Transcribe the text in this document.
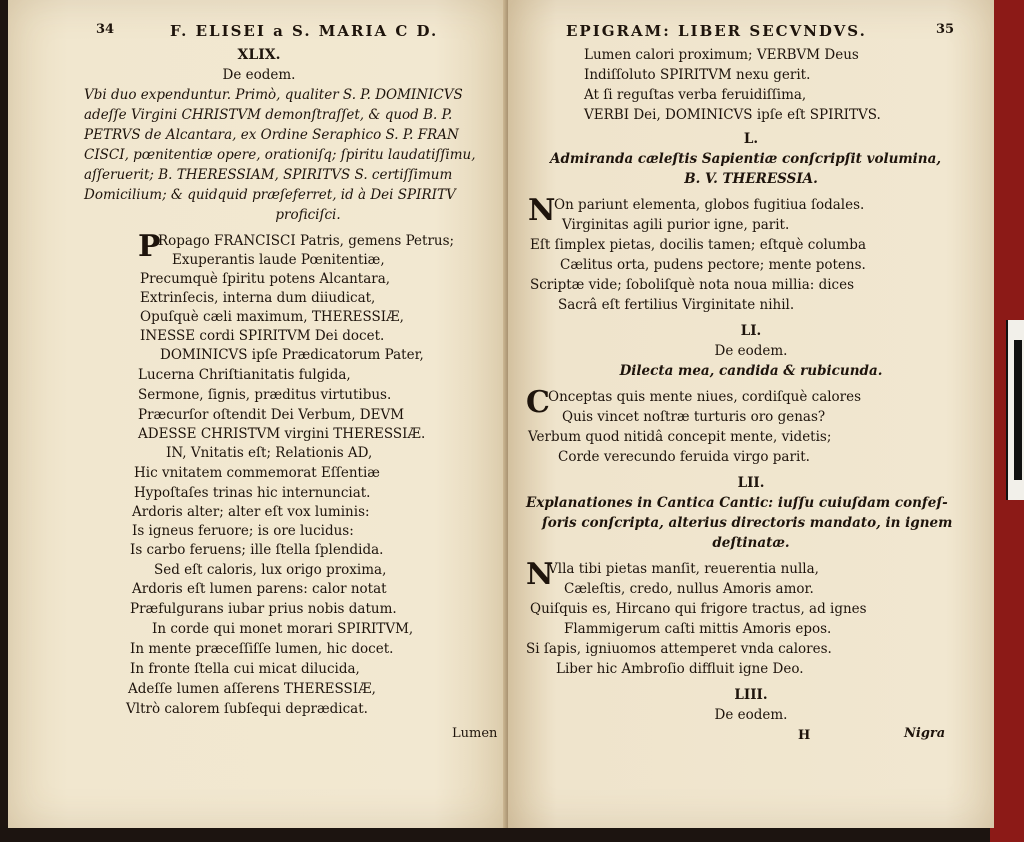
34	F. ELISEI a S. MARIA C D.
XLIX.
De eodem.
Vbi duo expenduntur. Primò, qualiter S. P. DOMINICVS
adeſſe Virgini CHRISTVM demonſtraſſet, & quod B. P.
PETRVS de Alcantara, ex Ordine Seraphico S. P. FRAN
CISCI, pœnitentiæ opere, orationiſq; ſpiritu laudatiſſimu,
aſſeruerit; B. THERESSIAM, SPIRITVS S. certiſſimum
Domicilium; & quidquid præſeferret, id à Dei SPIRITV
proficiſci.
P
Ropago FRANCISCI Patris, gemens Petrus;
Exuperantis laude Pœnitentiæ,
Precumquè ſpiritu potens Alcantara,
Extrinſecis, interna dum diiudicat,
Opuſquè cæli maximum, THERESSIÆ,
INESSE cordi SPIRITVM Dei docet.
DOMINICVS ipſe Prædicatorum Pater,
Lucerna Chriſtianitatis fulgida,
Sermone, ſignis, præditus virtutibus.
Præcurſor oſtendit Dei Verbum, DEVM
ADESSE CHRISTVM virgini THERESSIÆ.
IN, Vnitatis eſt; Relationis AD,
Hic vnitatem commemorat Eſſentiæ
Hypoſtaſes trinas hic internunciat.
Ardoris alter; alter eſt vox luminis:
Is igneus feruore; is ore lucidus:
Is carbo feruens; ille ſtella ſplendida.
Sed eſt caloris, lux origo proxima,
Ardoris eſt lumen parens: calor notat
Præfulgurans iubar prius nobis datum.
In corde qui monet morari SPIRITVM,
In mente præceſſiſſe lumen, hic docet.
In fronte ſtella cui micat dilucida,
Adeſſe lumen aſſerens THERESSIÆ,
Vltrò calorem ſubſequi deprædicat.
Lumen
EPIGRAM: LIBER SECVNDVS.	35
Lumen calori proximum; VERBVM Deus
Indiſſoluto SPIRITVM nexu gerit.
At ſi reguſtas verba feruidiſſima,
VERBI Dei, DOMINICVS ipſe eſt SPIRITVS.
L.
Admiranda cæleſtis Sapientiæ conſcripſit volumina,
B. V. THERESSIA.
N
On pariunt elementa, globos fugitiua ſodales.
Virginitas agili purior igne, parit.
Eſt ſimplex pietas, docilis tamen; eſtquè columba
Cælitus orta, pudens pectore; mente potens.
Scriptæ vide; ſoboliſquè nota noua millia: dices
Sacrâ eſt fertilius Virginitate nihil.
LI.
De eodem.
Dilecta mea, candida & rubicunda.
C
Onceptas quis mente niues, cordiſquè calores
Quis vincet noſtræ turturis oro genas?
Verbum quod nitidâ concepit mente, videtis;
Corde verecundo feruida virgo parit.
LII.
Explanationes in Cantica Cantic: iuſſu cuiuſdam confeſ-
ſoris conſcripta, alterius directoris mandato, in ignem
deſtinatæ.
N
Vlla tibi pietas manſit, reuerentia nulla,
Cæleſtis, credo, nullus Amoris amor.
Quiſquis es, Hircano qui frigore tractus, ad ignes
Flammigerum caſti mittis Amoris epos.
Si ſapis, igniuomos attemperet vnda calores.
Liber hic Ambroſio diffluit igne Deo.
LIII.
De eodem.
H	Nigra
